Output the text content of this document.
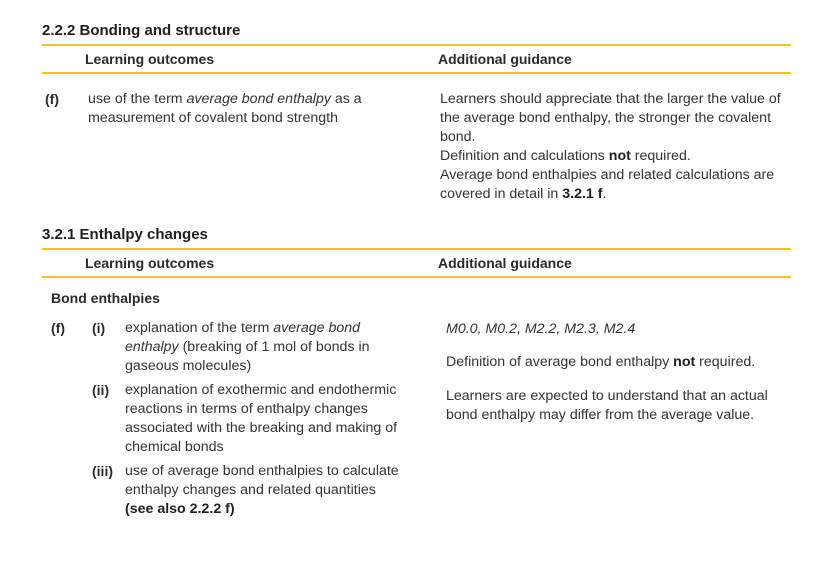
2.2.2 Bonding and structure
Learning outcomes	Additional guidance
(f) use of the term average bond enthalpy as a measurement of covalent bond strength

Learners should appreciate that the larger the value of the average bond enthalpy, the stronger the covalent bond.

Definition and calculations not required.

Average bond enthalpies and related calculations are covered in detail in 3.2.1 f.

3.2.1 Enthalpy changes
Learning outcomes	Additional guidance
Bond enthalpies
(f) (i) explanation of the term average bond enthalpy (breaking of 1 mol of bonds in gaseous molecules)
(ii) explanation of exothermic and endothermic reactions in terms of enthalpy changes associated with the breaking and making of chemical bonds
(iii) use of average bond enthalpies to calculate enthalpy changes and related quantities
(see also 2.2.2 f)
M0.0, M0.2, M2.2, M2.3, M2.4
Definition of average bond enthalpy not required.
Learners are expected to understand that an actual bond enthalpy may differ from the average value.
